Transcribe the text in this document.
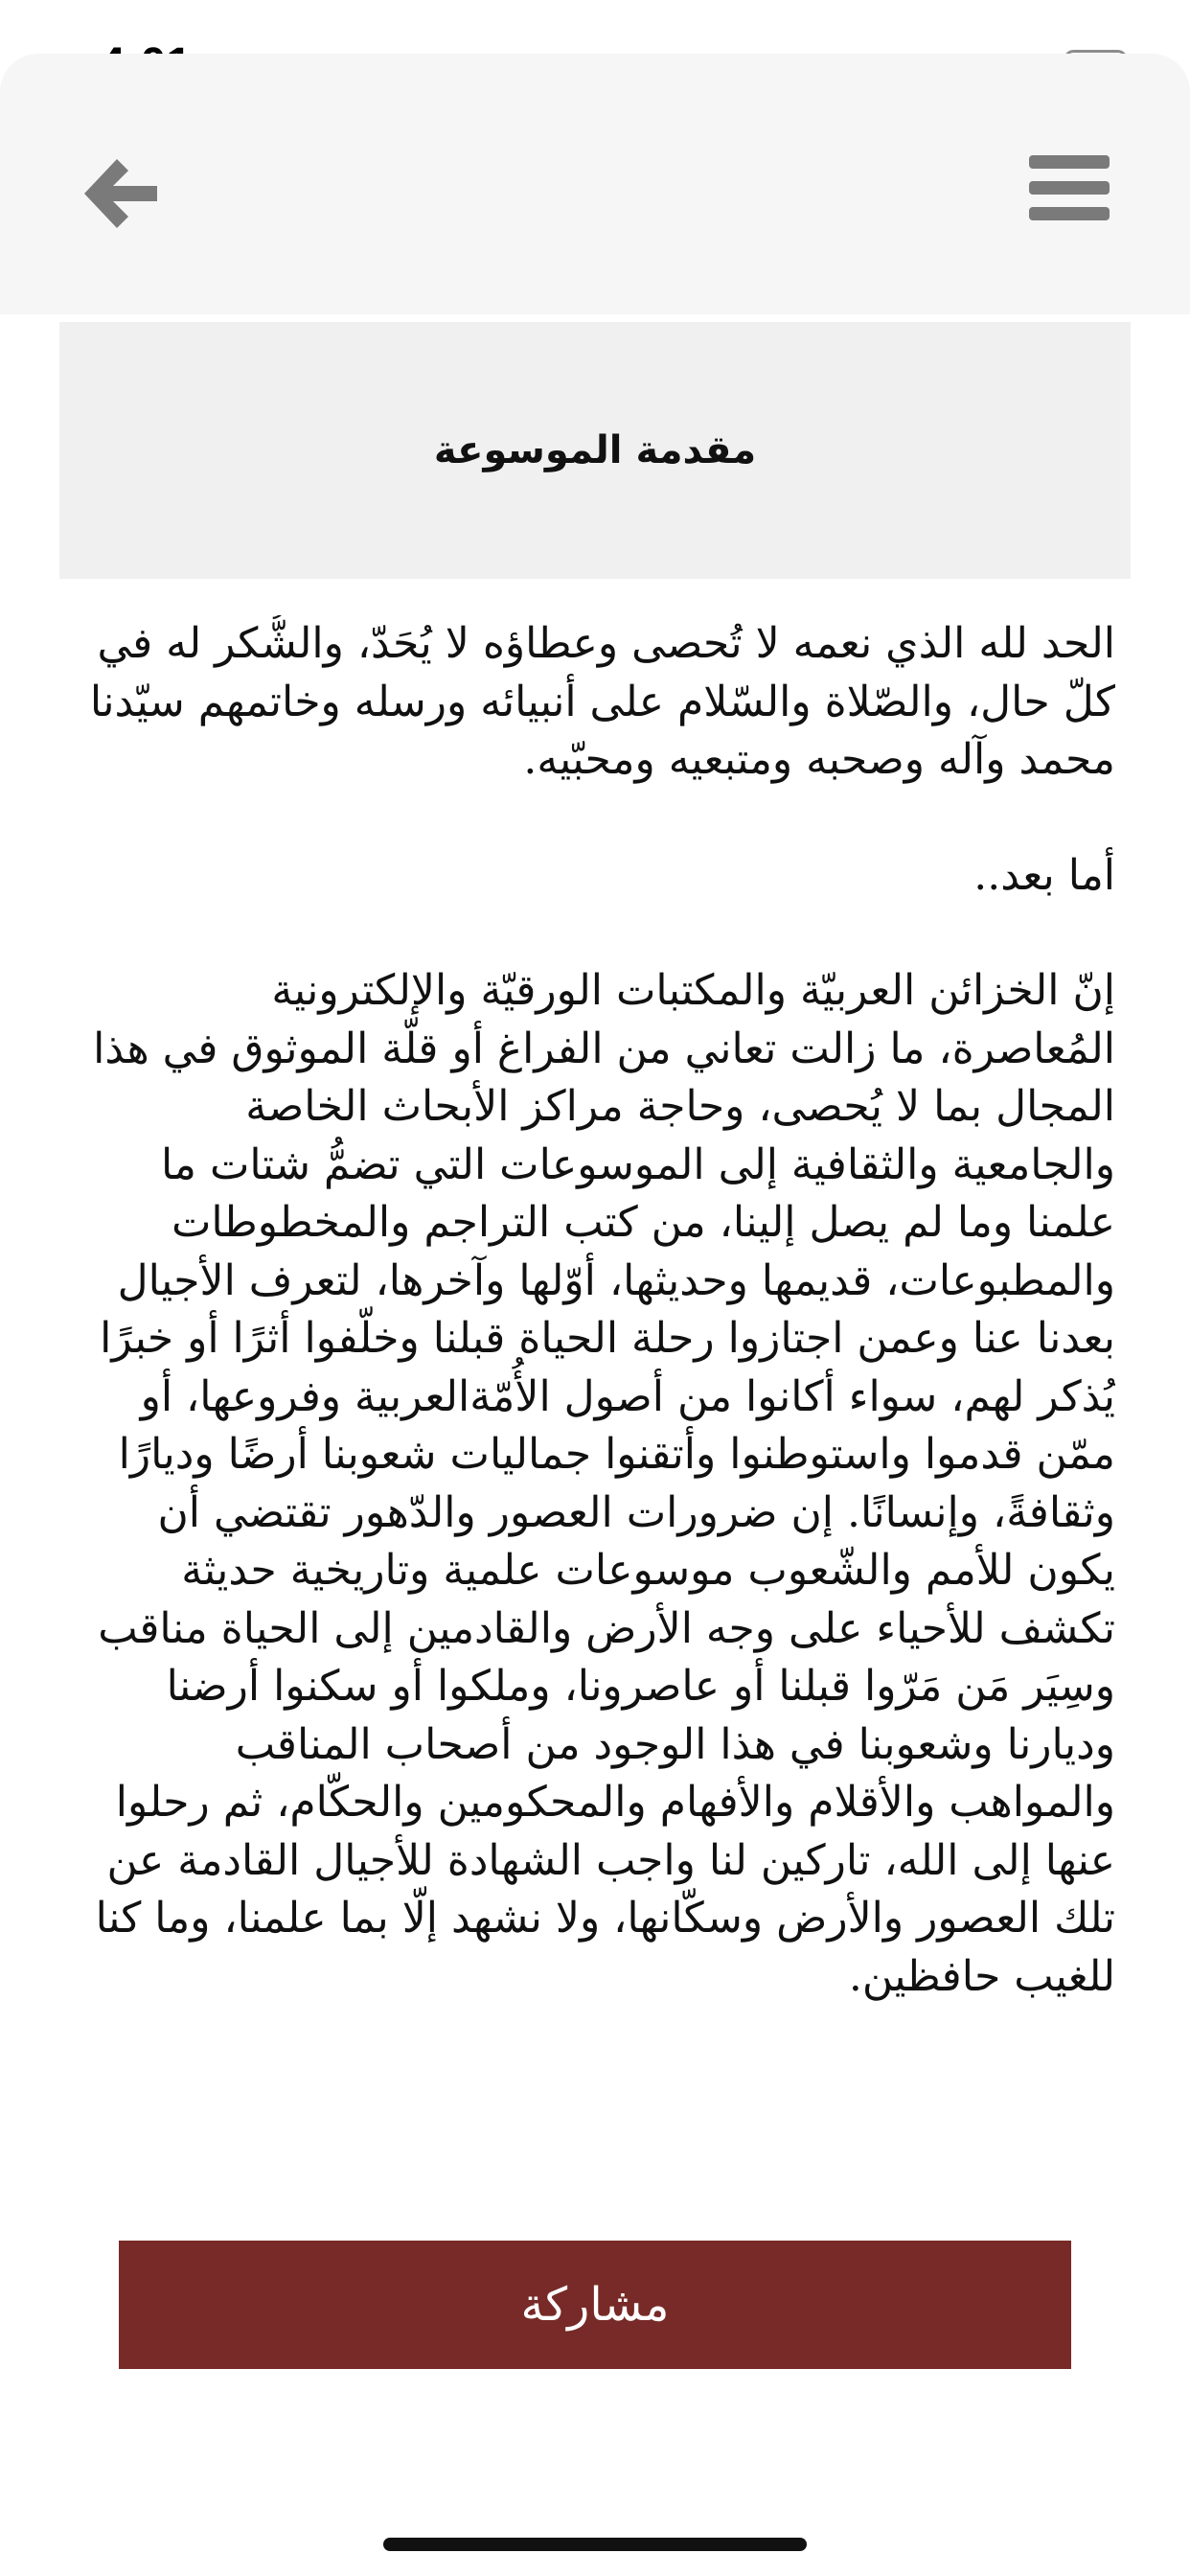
مقدمة الموسوعة

الحد لله الذي نعمه لا تُحصى وعطاؤه لا يُحَدّ، والشُّكر له في كلّ حال، والصّلاة والسّلام على أنبيائه ورسله وخاتمهم سيّدنا محمد وآله وصحبه ومتبعيه ومحبّيه.

أما بعد..

إنّ الخزائن العربيّة والمكتبات الورقيّة والإلكترونية المُعاصرة، ما زالت تعاني من الفراغ أو قلّة الموثوق في هذا المجال بما لا يُحصى، وحاجة مراكز الأبحاث الخاصة والجامعية والثقافية إلى الموسوعات التي تضمُّ شتات ما علمنا وما لم يصل إلينا، من كتب التراجم والمخطوطات والمطبوعات، قديمها وحديثها، أوّلها وآخرها، لتعرف الأجيال بعدنا عنا وعمن اجتازوا رحلة الحياة قبلنا وخلّفوا أثرًا أو خبرًا يُذكر لهم، سواء أكانوا من أصول الأُمّةالعربية وفروعها، أو ممّن قدموا واستوطنوا وأتقنوا جماليات شعوبنا أرضًا وديارًا وثقافةً، وإنسانًا. إن ضرورات العصور والدّهور تقتضي أن يكون للأمم والشّعوب موسوعات علمية وتاريخية حديثة تكشف للأحياء على وجه الأرض والقادمين إلى الحياة مناقب وسِيَر مَن مَرّوا قبلنا أو عاصرونا، وملكوا أو سكنوا أرضنا وديارنا وشعوبنا في هذا الوجود من أصحاب المناقب والمواهب والأقلام والأفهام والمحكومين والحكّام، ثم رحلوا عنها إلى الله، تاركين لنا واجب الشهادة للأجيال القادمة عن تلك العصور والأرض وسكّانها، ولا نشهد إلّا بما علمنا، وما كنا للغيب حافظين.

مشاركة
